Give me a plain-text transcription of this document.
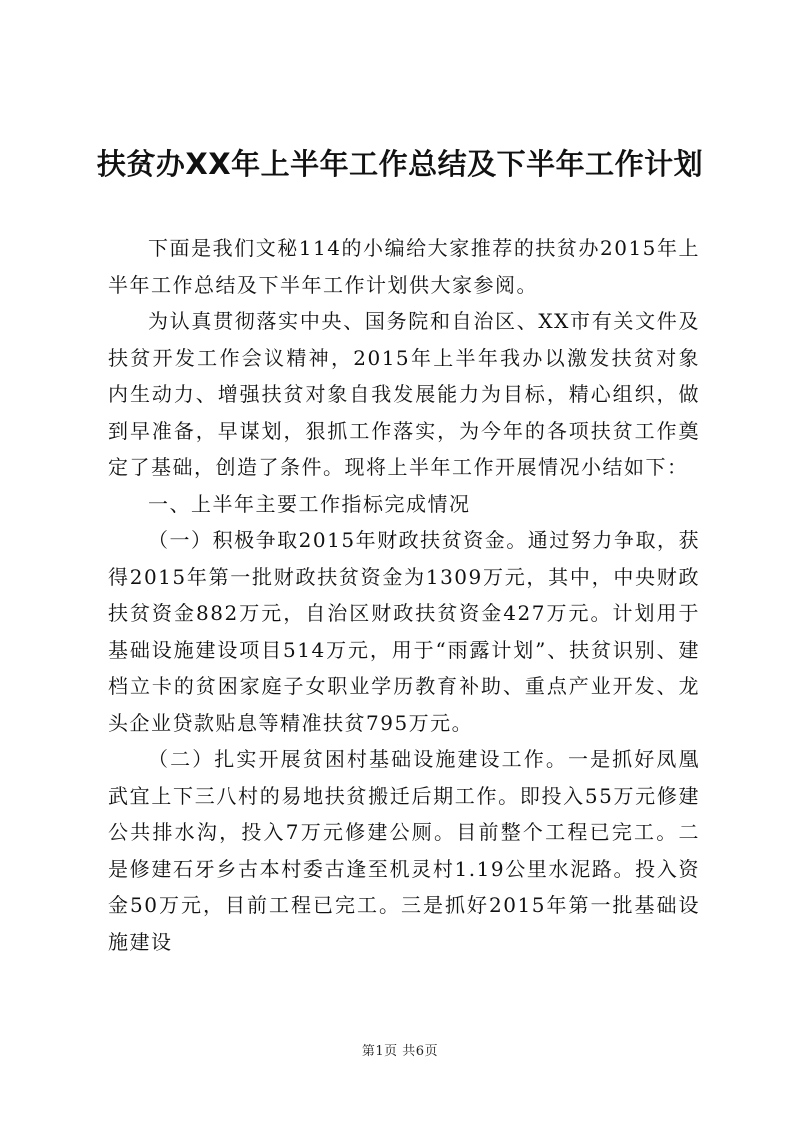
扶贫办XX年上半年工作总结及下半年工作计划

下面是我们文秘114的小编给大家推荐的扶贫办2015年上半年工作总结及下半年工作计划供大家参阅。

为认真贯彻落实中央、国务院和自治区、XX市有关文件及扶贫开发工作会议精神，2015年上半年我办以激发扶贫对象内生动力、增强扶贫对象自我发展能力为目标，精心组织，做到早准备，早谋划，狠抓工作落实，为今年的各项扶贫工作奠定了基础，创造了条件。现将上半年工作开展情况小结如下：

一、上半年主要工作指标完成情况

（一）积极争取2015年财政扶贫资金。通过努力争取，获得2015年第一批财政扶贫资金为1309万元，其中，中央财政扶贫资金882万元，自治区财政扶贫资金427万元。计划用于基础设施建设项目514万元，用于“雨露计划”、扶贫识别、建档立卡的贫困家庭子女职业学历教育补助、重点产业开发、龙头企业贷款贴息等精准扶贫795万元。

（二）扎实开展贫困村基础设施建设工作。一是抓好凤凰武宜上下三八村的易地扶贫搬迁后期工作。即投入55万元修建公共排水沟，投入7万元修建公厕。目前整个工程已完工。二是修建石牙乡古本村委古逢至机灵村1.19公里水泥路。投入资金50万元，目前工程已完工。三是抓好2015年第一批基础设施建设

第1页 共6页
